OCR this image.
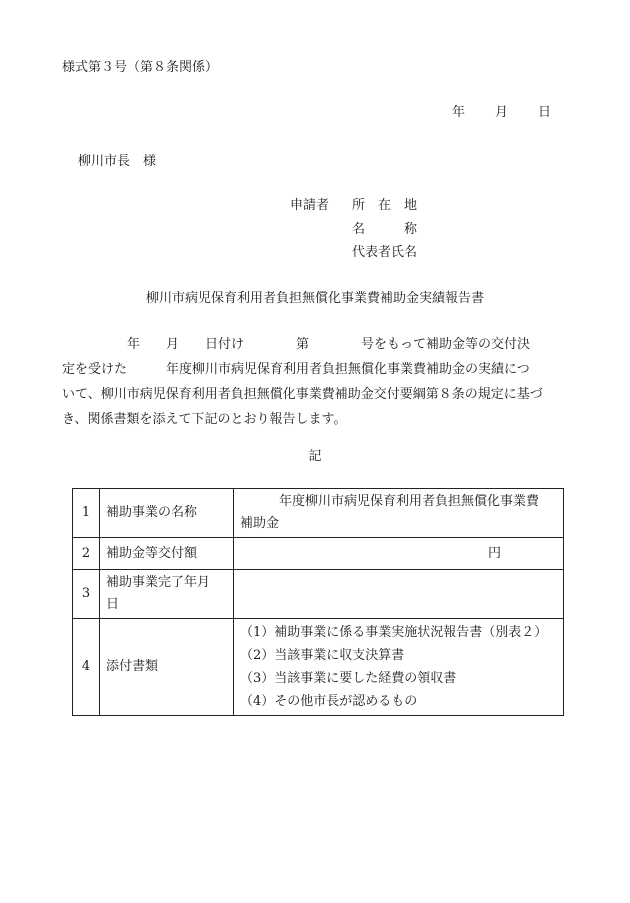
様式第３号（第８条関係）
年 月 日
柳川市長　様
申請者 所　在　地
名　　　称
代表者氏名
柳川市病児保育利用者負担無償化事業費補助金実績報告書

　　　　　年　　月　　日付け　　　　第　　　　号をもって補助金等の交付決

定を受けた　　　年度柳川市病児保育利用者負担無償化事業費補助金の実績につ

いて、柳川市病児保育利用者負担無償化事業費補助金交付要綱第８条の規定に基づ

き、関係書類を添えて下記のとおり報告します。

記
1	補助事業の名称	　　　年度柳川市病児保育利用者負担無償化事業費
補助金

2	補助金等交付額	円
3	補助事業完了年月
日	

4	添付書類	（1）補助事業に係る事業実施状況報告書（別表２）
（2）当該事業に収支決算書
（3）当該事業に要した経費の領収書
（4）その他市長が認めるもの
